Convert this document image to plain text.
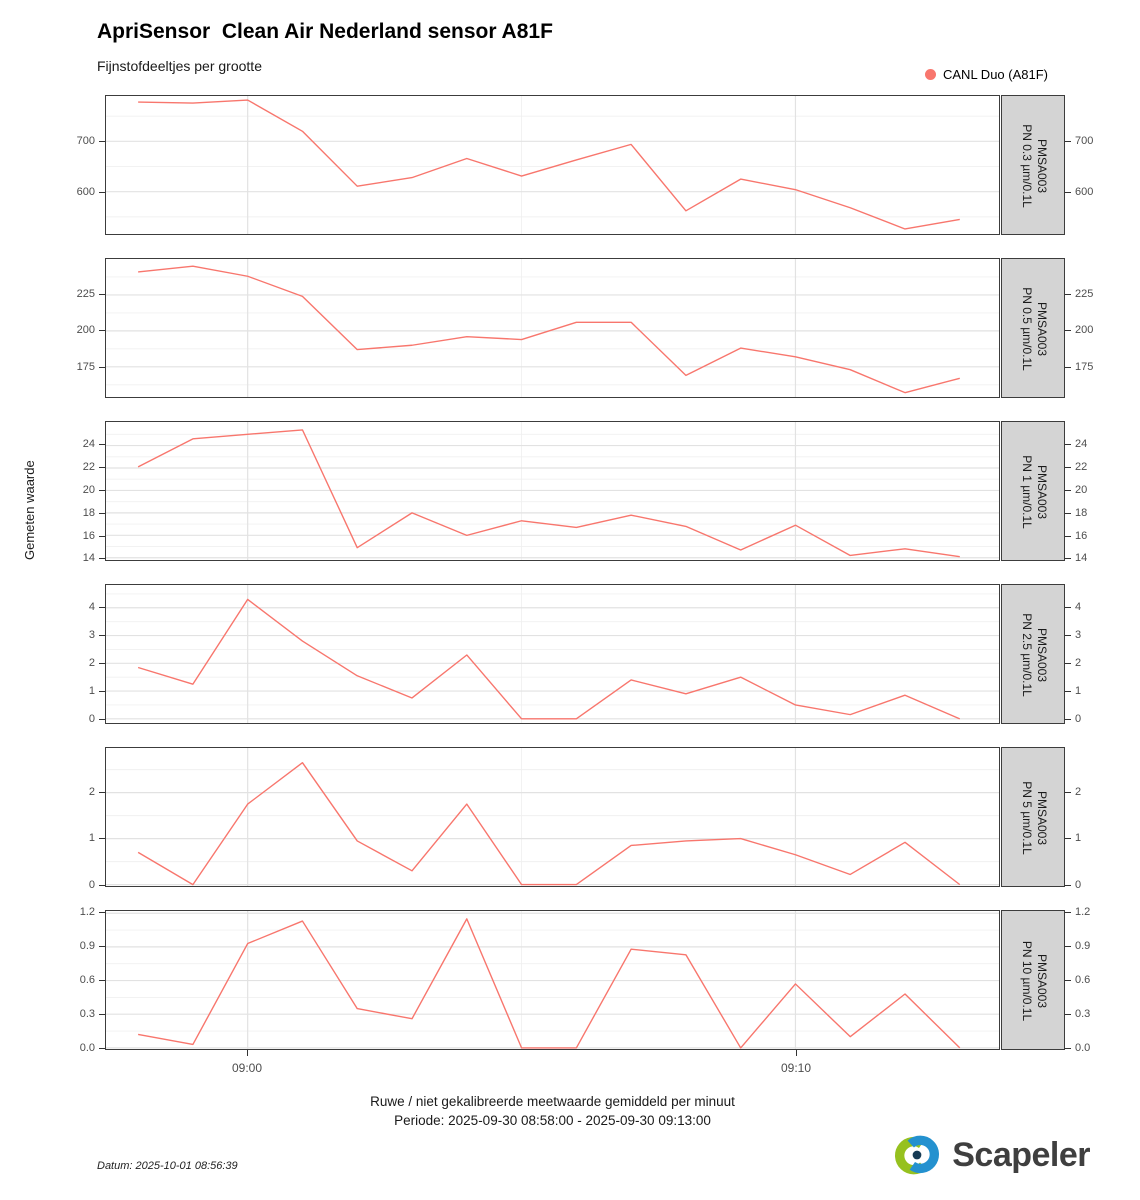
ApriSensor  Clean Air Nederland sensor A81F
Fijnstofdeeltjes per grootte
CANL Duo (A81F)
Gemeten waarde
PMSA003
PN 0.3 µm/0.1L
700	700
600	600
PMSA003
PN 0.5 µm/0.1L
225	225
200	200
175	175
PMSA003
PN 1 µm/0.1L
24	24
22	22
20	20
18	18
16	16
14	14
PMSA003
PN 2.5 µm/0.1L
4	4
3	3
2	2
1	1
0	0
PMSA003
PN 5 µm/0.1L
2	2
1	1
0	0
PMSA003
PN 10 µm/0.1L
1.2	1.2
0.9	0.9
0.6	0.6
0.3	0.3
0.0	0.0
09:00	09:10
Ruwe / niet gekalibreerde meetwaarde gemiddeld per minuut
Periode: 2025-09-30 08:58:00 - 2025-09-30 09:13:00
Datum: 2025-10-01 08:56:39	Scapeler
